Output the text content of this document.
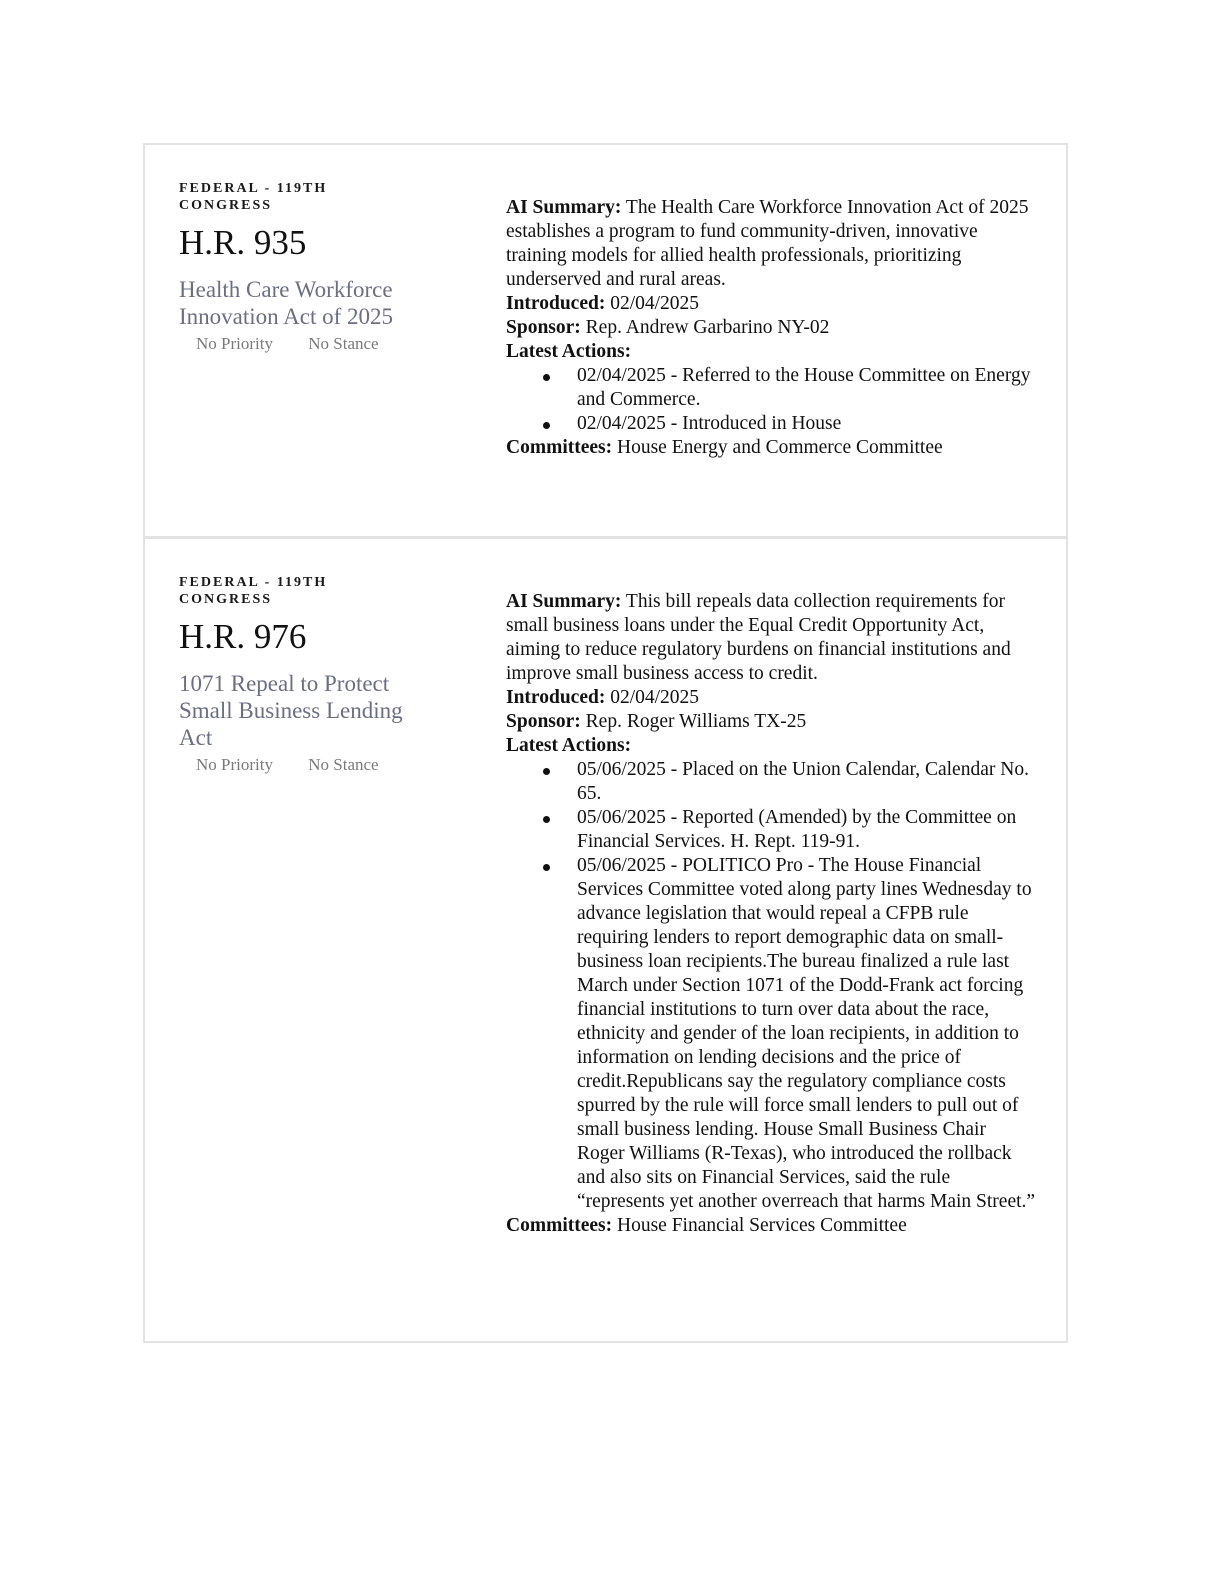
FEDERAL - 119TH CONGRESS
H.R. 935
Health Care Workforce Innovation Act of 2025
No Priority No Stance

AI Summary: The Health Care Workforce Innovation Act of 2025 establishes a program to fund community-driven, innovative training models for allied health professionals, prioritizing underserved and rural areas.

Introduced: 02/04/2025

Sponsor: Rep. Andrew Garbarino NY-02

Latest Actions:

02/04/2025 - Referred to the House Committee on Energy and Commerce.
02/04/2025 - Introduced in House

Committees: House Energy and Commerce Committee

FEDERAL - 119TH CONGRESS
H.R. 976
1071 Repeal to Protect Small Business Lending Act
No Priority No Stance

AI Summary: This bill repeals data collection requirements for small business loans under the Equal Credit Opportunity Act, aiming to reduce regulatory burdens on financial institutions and improve small business access to credit.

Introduced: 02/04/2025

Sponsor: Rep. Roger Williams TX-25

Latest Actions:

05/06/2025 - Placed on the Union Calendar, Calendar No. 65.
05/06/2025 - Reported (Amended) by the Committee on Financial Services. H. Rept. 119-91.
05/06/2025 - POLITICO Pro - The House Financial Services Committee voted along party lines Wednesday to advance legislation that would repeal a CFPB rule requiring lenders to report demographic data on small-business loan recipients.The bureau finalized a rule last March under Section 1071 of the Dodd-Frank act forcing financial institutions to turn over data about the race, ethnicity and gender of the loan recipients, in addition to information on lending decisions and the price of credit.Republicans say the regulatory compliance costs spurred by the rule will force small lenders to pull out of small business lending. House Small Business Chair Roger Williams (R-Texas), who introduced the rollback and also sits on Financial Services, said the rule “represents yet another overreach that harms Main Street.”

Committees: House Financial Services Committee
